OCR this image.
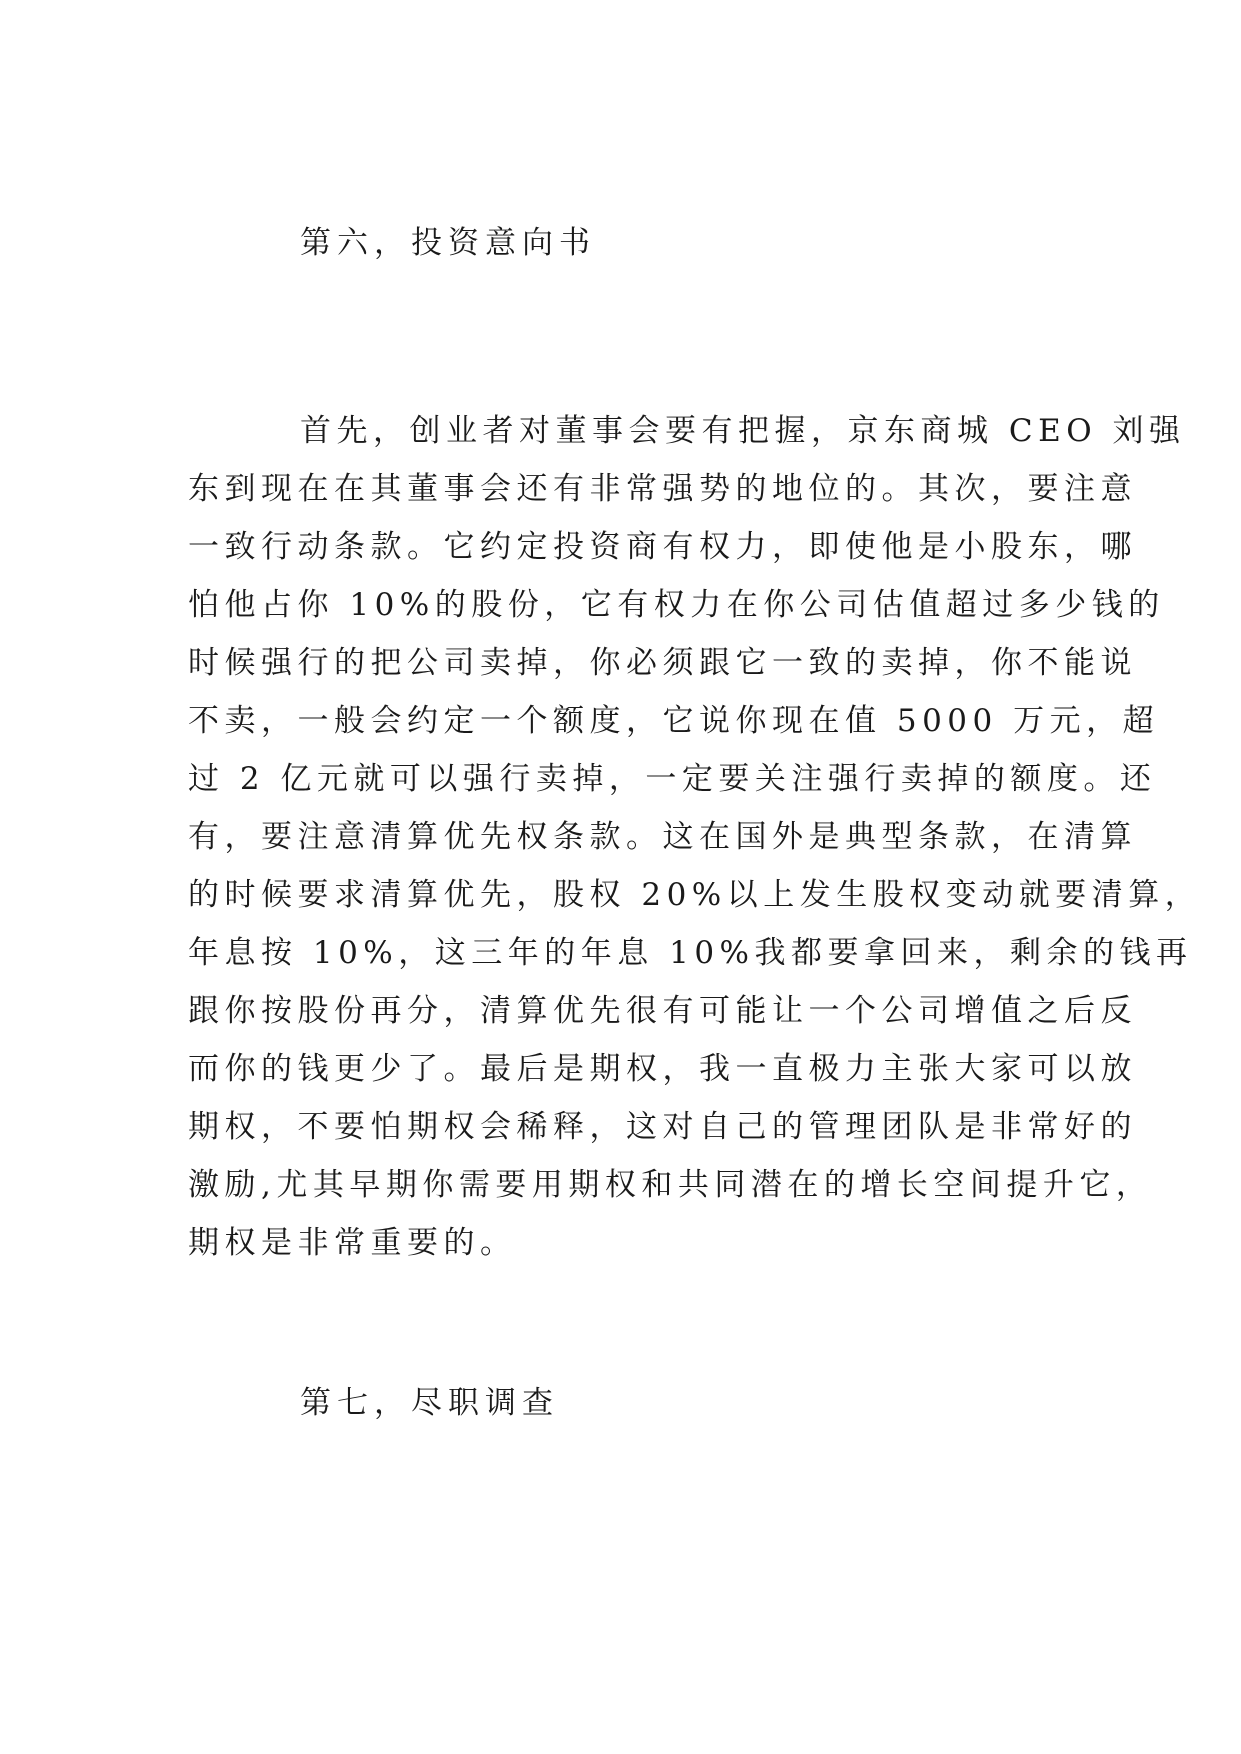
第六，投资意向书
首先，创业者对董事会要有把握，京东商城 CEO 刘强
东到现在在其董事会还有非常强势的地位的。其次，要注意
一致行动条款。它约定投资商有权力，即使他是小股东，哪
怕他占你 10%的股份，它有权力在你公司估值超过多少钱的
时候强行的把公司卖掉，你必须跟它一致的卖掉，你不能说
不卖，一般会约定一个额度，它说你现在值 5000 万元，超
过 2 亿元就可以强行卖掉，一定要关注强行卖掉的额度。还
有，要注意清算优先权条款。这在国外是典型条款，在清算
的时候要求清算优先，股权 20%以上发生股权变动就要清算，
年息按 10%，这三年的年息 10%我都要拿回来，剩余的钱再
跟你按股份再分，清算优先很有可能让一个公司增值之后反
而你的钱更少了。最后是期权，我一直极力主张大家可以放
期权，不要怕期权会稀释，这对自己的管理团队是非常好的
激励,尤其早期你需要用期权和共同潜在的增长空间提升它，
期权是非常重要的。
第七，尽职调查
